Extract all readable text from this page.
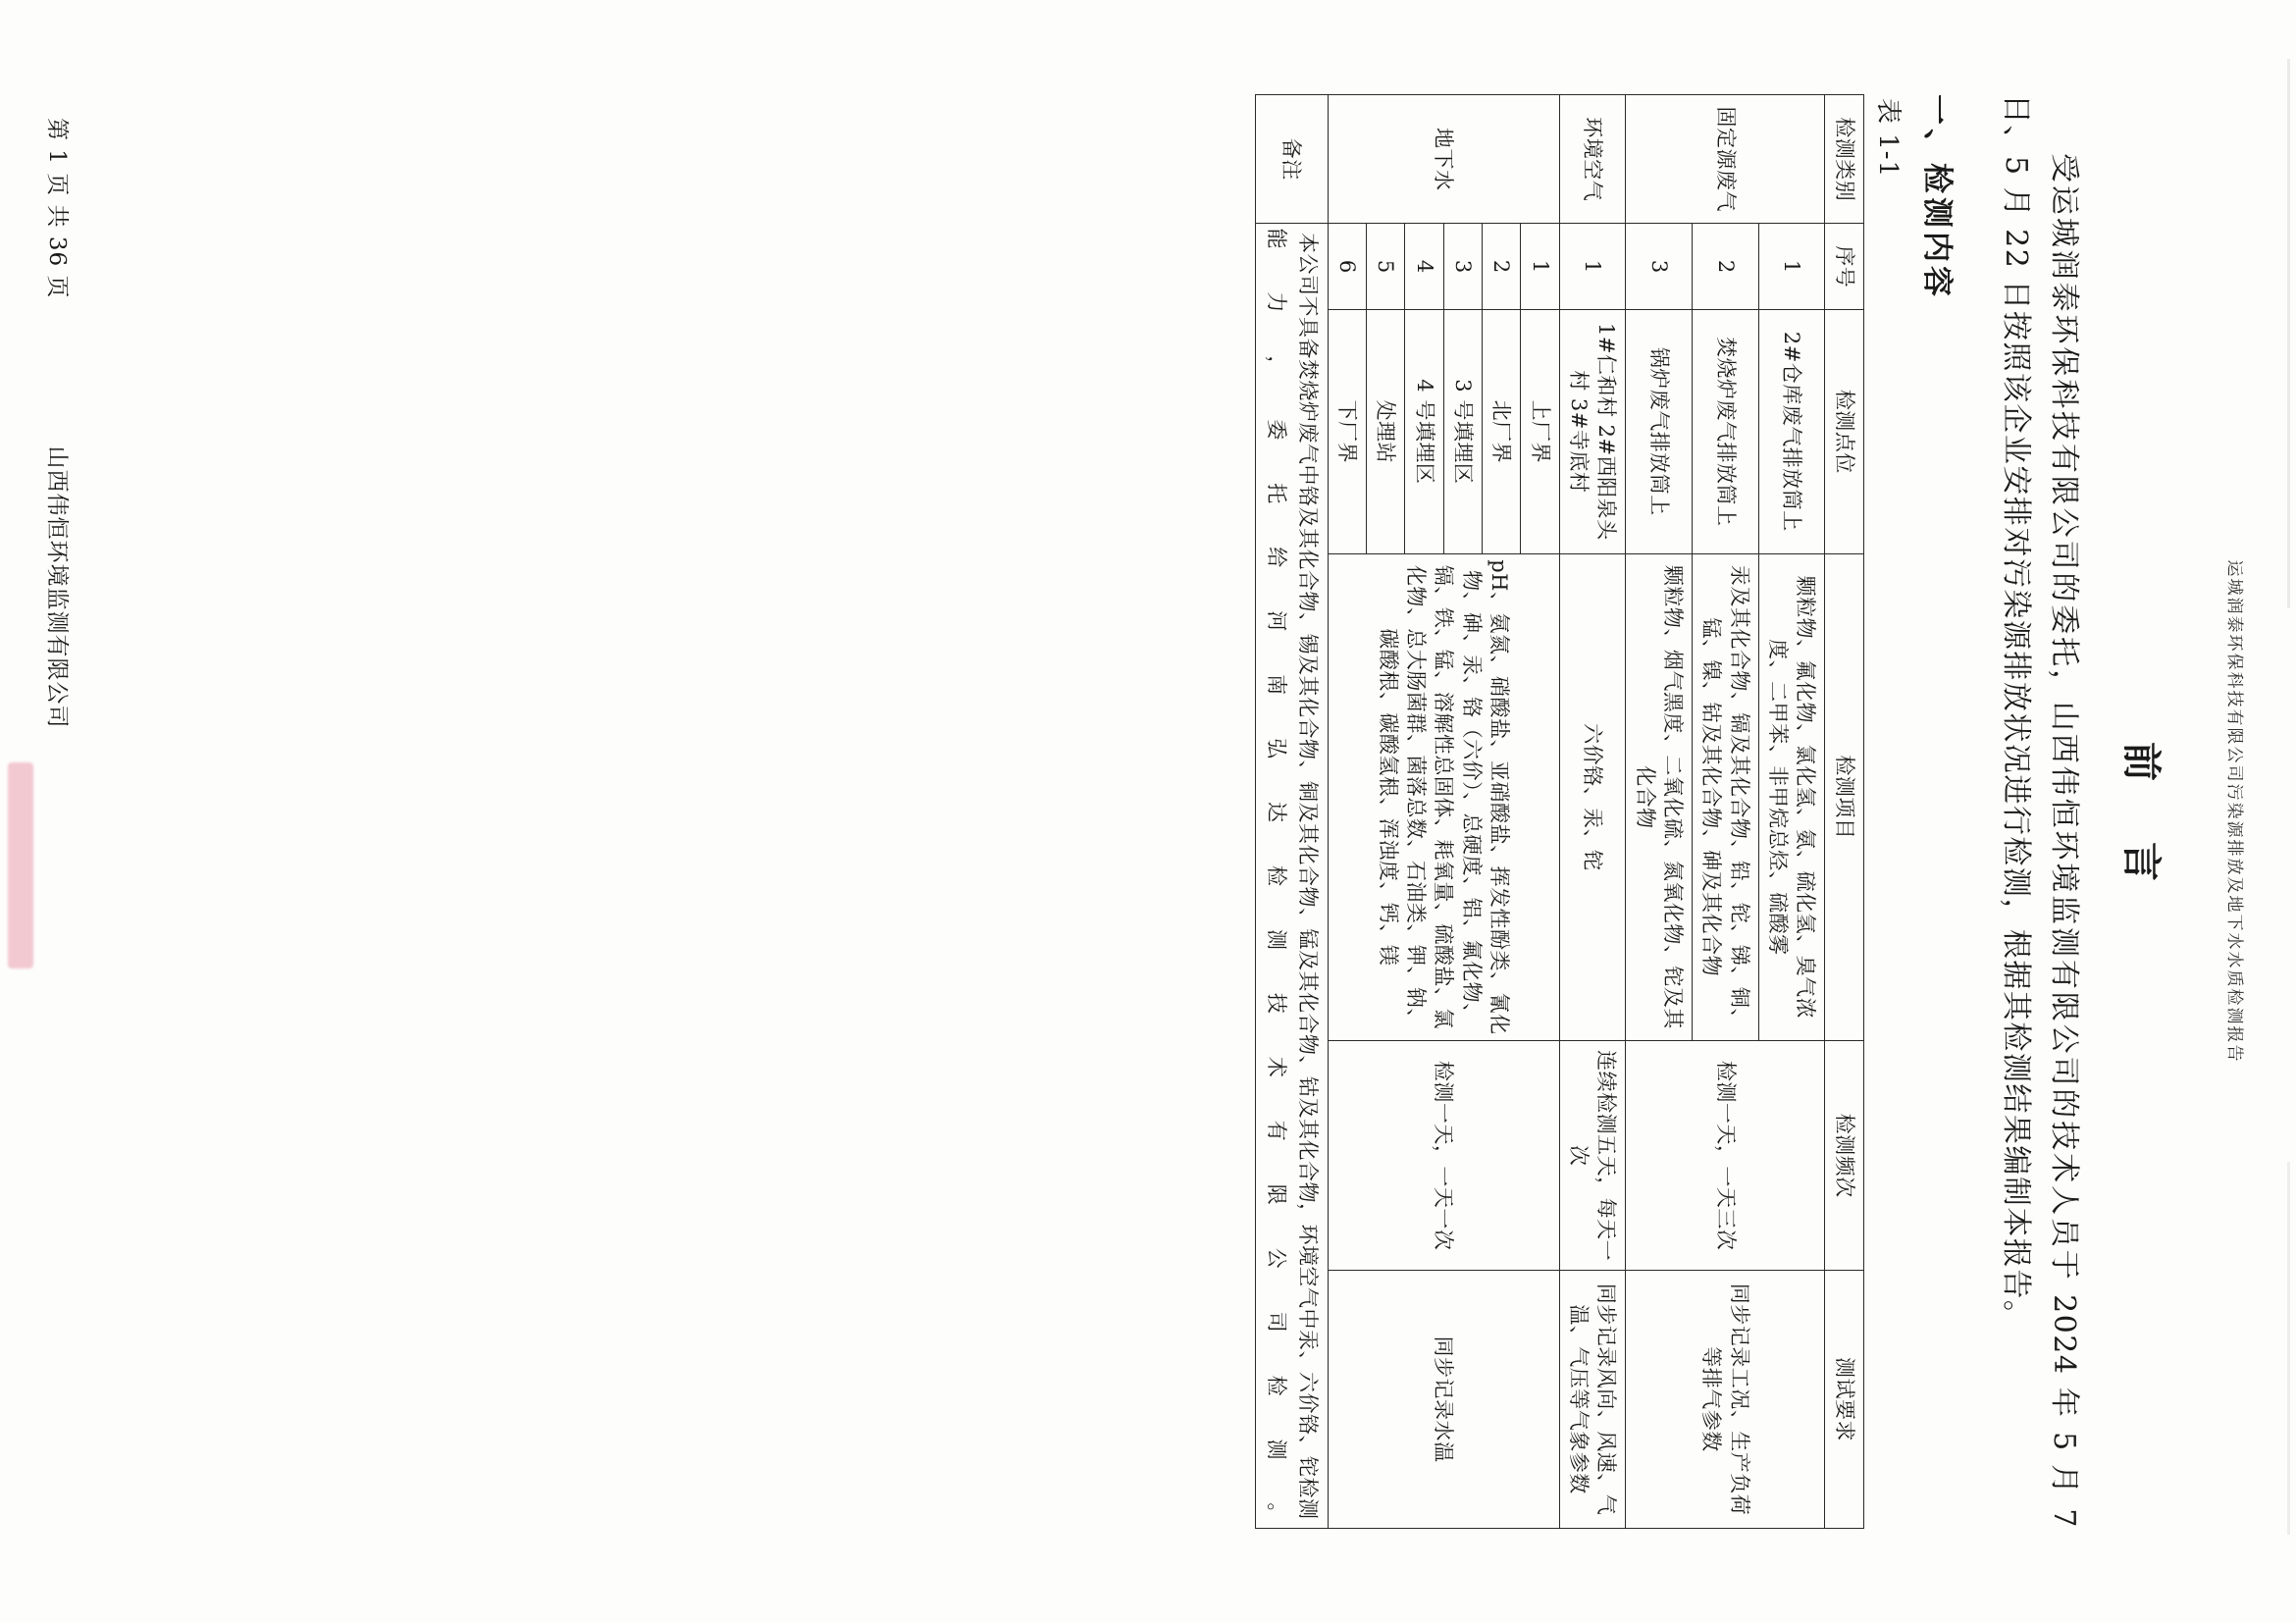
运城润泰环保科技有限公司污染源排放及地下水水质检测报告
前 言

受运城润泰环保科技有限公司的委托，山西伟恒环境监测有限公司的技术人员于 2024 年 5 月 7 日、5 月 22 日按照该企业安排对污染源排放状况进行检测，根据其检测结果编制本报告。

一、检测内容
表 1-1
检测类别	序号	检测点位	检测项目	检测频次	测试要求
固定源废气	1	2#仓库废气排放筒上	颗粒物、氟化物、氯化氢、氨、硫化氢、臭气浓度、二甲苯、非甲烷总烃、硫酸雾	检测一天，一天三次	同步记录工况、生产负荷等排气参数
	2	焚烧炉废气排放筒上	汞及其化合物、镉及其化合物、铅、铊、锑、铜、锰、镍、钴及其化合物、砷及其化合物		
	3	锅炉废气排放筒上	颗粒物、烟气黑度、二氧化硫、氮氧化物、铊及其化合物		
环境空气	1	1#仁和村 2#西阳泉头村 3#寺底村	六价铬、汞、铊	连续检测五天，每天一次	同步记录风向、风速、气温、气压等气象参数
地下水	1	上厂界	pH、氨氮、硝酸盐、亚硝酸盐、挥发性酚类、氰化物、砷、汞、铬（六价）、总硬度、铝、氟化物、镉、铁、锰、溶解性总固体、耗氧量、硫酸盐、氯化物、总大肠菌群、菌落总数、石油类、钾、钠、碳酸根、碳酸氢根、浑浊度、钙、镁	检测一天，一天一次	同步记录水温
	2	北厂界			
	3	3 号填埋区			
	4	4 号填埋区			
	5	处理站			
	6	下厂界			
备注	本公司不具备焚烧炉废气中铬及其化合物、锡及其化合物、铜及其化合物、锰及其化合物、钴及其化合物，环境空气中汞、六价铬、铊检测能力，委托给河南弘达检测技术有限公司检测。				
第 1 页 共 36 页
山西伟恒环境监测有限公司
